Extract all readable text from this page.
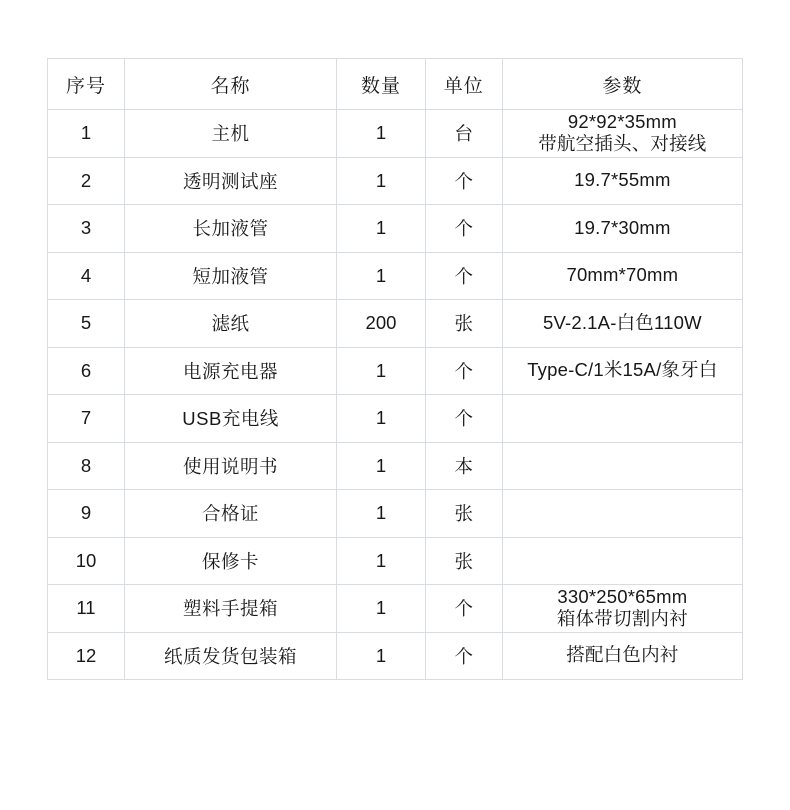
序号	名称	数量	单位	参数
1	主机	1	台	92*92*35mm
带航空插头、对接线

2	透明测试座	1	个	19.7*55mm

3	长加液管	1	个	19.7*30mm

4	短加液管	1	个	70mm*70mm

5	滤纸	200	张	5V-2.1A-白色110W

6	电源充电器	1	个	Type-C/1米15A/象牙白

7	USB充电线	1	个	

8	使用说明书	1	本	

9	合格证	1	张	

10	保修卡	1	张	

11	塑料手提箱	1	个	330*250*65mm
箱体带切割内衬

12	纸质发货包装箱	1	个	搭配白色内衬
